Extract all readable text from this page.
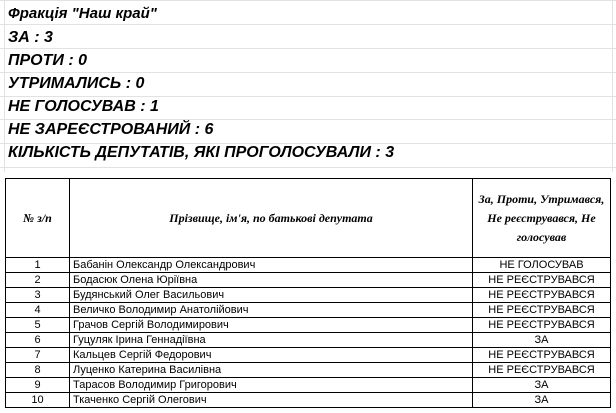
Фракція "Наш край"
ЗА : 3
ПРОТИ : 0
УТРИМАЛИСЬ : 0
НЕ ГОЛОСУВАВ : 1
НЕ ЗАРЕЄСТРОВАНИЙ : 6
КІЛЬКІСТЬ ДЕПУТАТІВ, ЯКІ ПРОГОЛОСУВАЛИ : 3
№ з/п	Прізвище, ім'я, по батькові депутата	За, Проти, Утримався, Не реєструвався, Не голосував
1	Бабанін Олександр Олександрович	НЕ ГОЛОСУВАВ
2	Бодасюк Олена Юріївна	НЕ РЕЄСТРУВАВСЯ
3	Будянський Олег Васильович	НЕ РЕЄСТРУВАВСЯ
4	Величко Володимир Анатолійович	НЕ РЕЄСТРУВАВСЯ
5	Грачов Сергій Володимирович	НЕ РЕЄСТРУВАВСЯ
6	Гуцуляк Ірина Геннадіївна	ЗА
7	Кальцев Сергій Федорович	НЕ РЕЄСТРУВАВСЯ
8	Луценко Катерина Василівна	НЕ РЕЄСТРУВАВСЯ
9	Тарасов Володимир Григорович	ЗА
10	Ткаченко Сергій Олегович	ЗА
